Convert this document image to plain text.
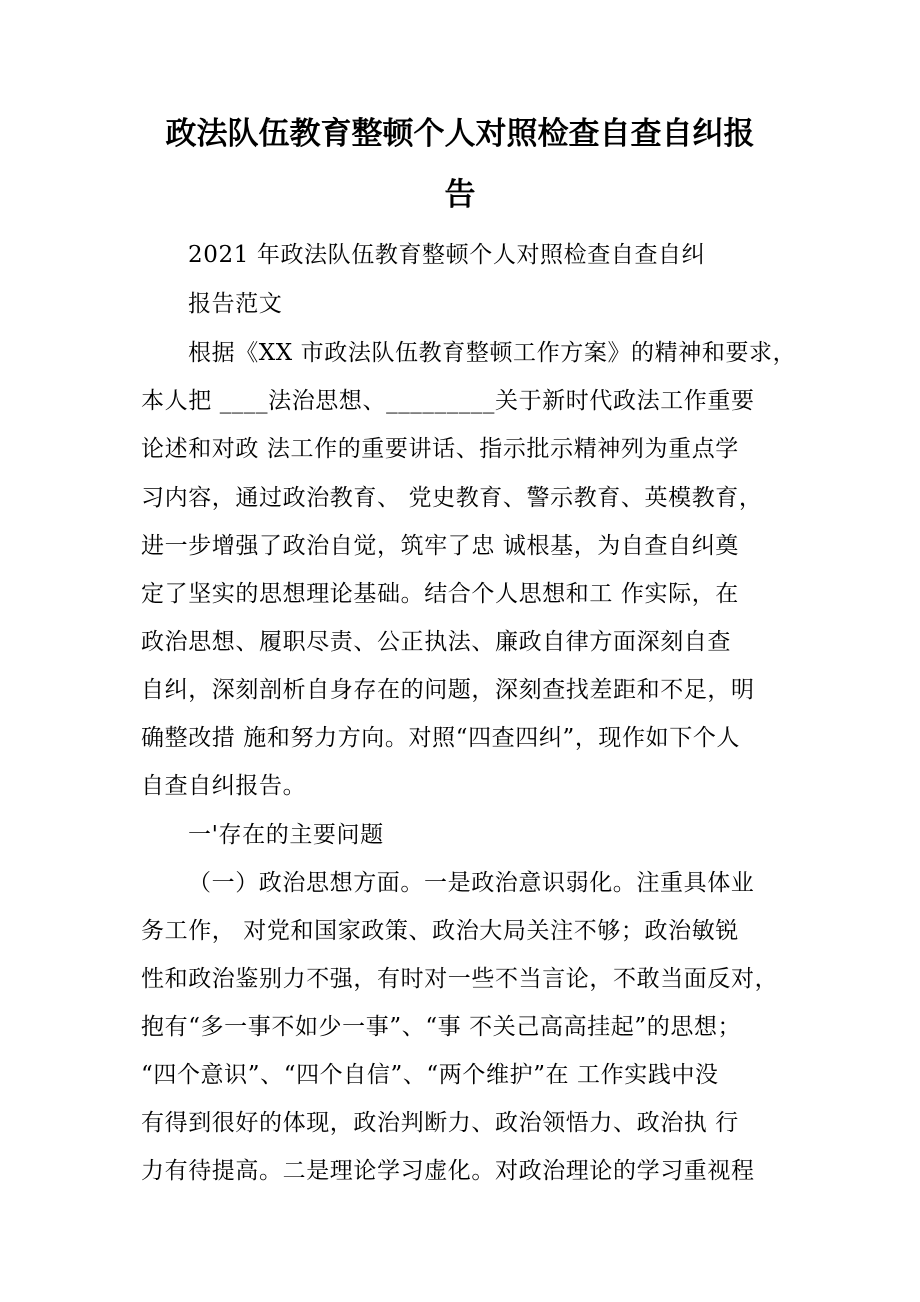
政法队伍教育整顿个人对照检查自查自纠报
告
2021 年政法队伍教育整顿个人对照检查自查自纠
报告范文
根据《XX 市政法队伍教育整顿工作方案》的精神和要求，
本人把 ____法治思想、_________关于新时代政法工作重要
论述和对政 法工作的重要讲话、指示批示精神列为重点学
习内容，通过政治教育、 党史教育、警示教育、英模教育，
进一步增强了政治自觉，筑牢了忠 诚根基，为自查自纠奠
定了坚实的思想理论基础。结合个人思想和工 作实际，在
政治思想、履职尽责、公正执法、廉政自律方面深刻自查
自纠，深刻剖析自身存在的问题，深刻查找差距和不足，明
确整改措 施和努力方向。对照“四查四纠”，现作如下个人
自查自纠报告。
一'存在的主要问题
（一）政治思想方面。一是政治意识弱化。注重具体业
务工作， 对党和国家政策、政治大局关注不够；政治敏锐
性和政治鉴别力不强，有时对一些不当言论，不敢当面反对，
抱有“多一事不如少一事”、“事 不关己高高挂起”的思想；
“四个意识”、“四个自信”、“两个维护”在 工作实践中没
有得到很好的体现，政治判断力、政治领悟力、政治执 行
力有待提高。二是理论学习虚化。对政治理论的学习重视程
